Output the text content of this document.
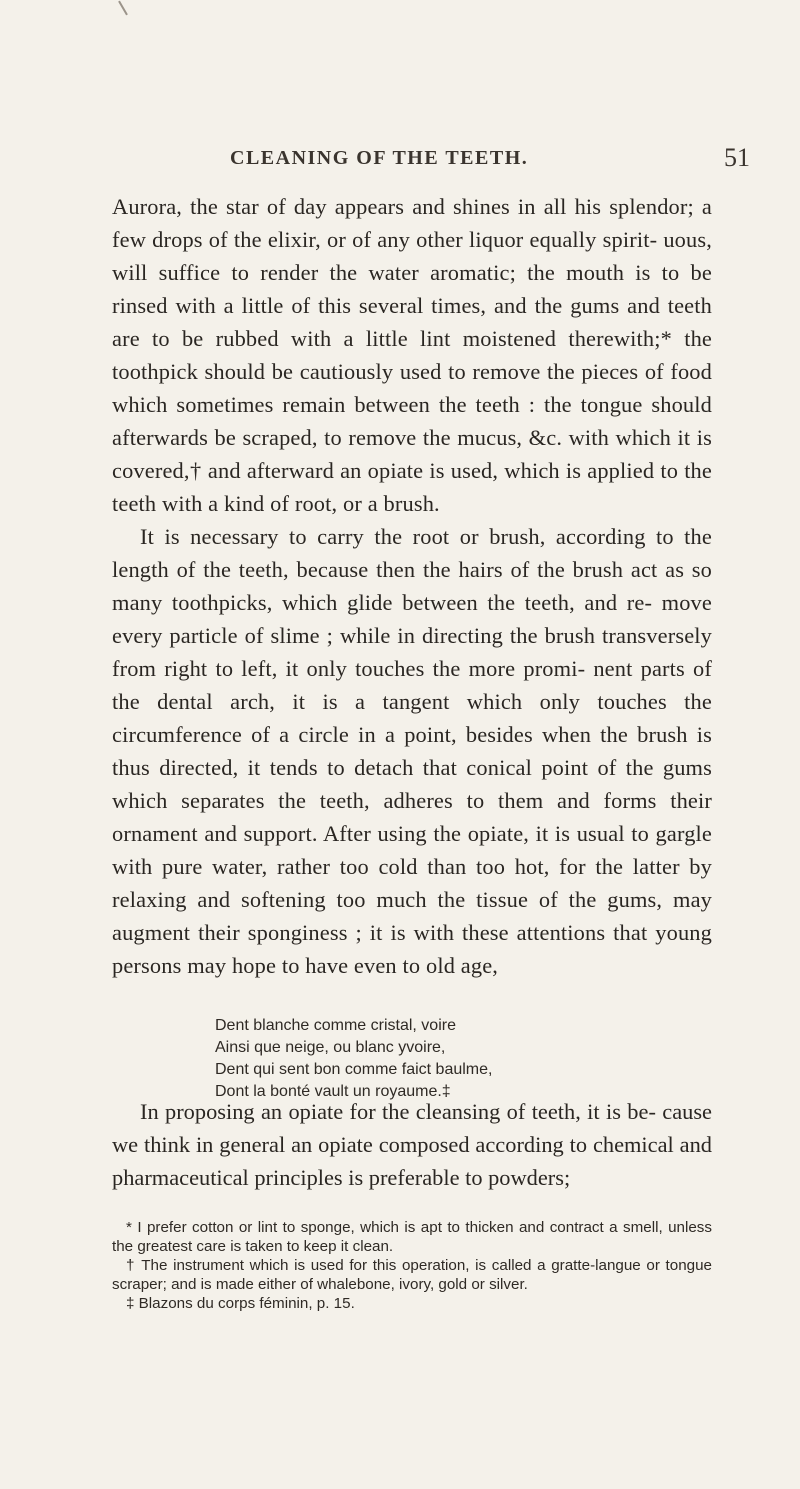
CLEANING OF THE TEETH.	51

Aurora, the star of day appears and shines in all his splendor; a few drops of the elixir, or of any other liquor equally spirit- uous, will suffice to render the water aromatic; the mouth is to be rinsed with a little of this several times, and the gums and teeth are to be rubbed with a little lint moistened therewith;* the toothpick should be cautiously used to remove the pieces of food which sometimes remain between the teeth : the tongue should afterwards be scraped, to remove the mucus, &c. with which it is covered,† and afterward an opiate is used, which is applied to the teeth with a kind of root, or a brush.

It is necessary to carry the root or brush, according to the length of the teeth, because then the hairs of the brush act as so many toothpicks, which glide between the teeth, and re- move every particle of slime ; while in directing the brush transversely from right to left, it only touches the more promi- nent parts of the dental arch, it is a tangent which only touches the circumference of a circle in a point, besides when the brush is thus directed, it tends to detach that conical point of the gums which separates the teeth, adheres to them and forms their ornament and support. After using the opiate, it is usual to gargle with pure water, rather too cold than too hot, for the latter by relaxing and softening too much the tissue of the gums, may augment their sponginess ; it is with these attentions that young persons may hope to have even to old age,

Dent blanche comme cristal, voire
Ainsi que neige, ou blanc yvoire,
Dent qui sent bon comme faict baulme,
Dont la bonté vault un royaume.‡

In proposing an opiate for the cleansing of teeth, it is be- cause we think in general an opiate composed according to chemical and pharmaceutical principles is preferable to powders;

* I prefer cotton or lint to sponge, which is apt to thicken and contract a smell, unless the greatest care is taken to keep it clean.

† The instrument which is used for this operation, is called a gratte-langue or tongue scraper; and is made either of whalebone, ivory, gold or silver.

‡ Blazons du corps féminin, p. 15.
